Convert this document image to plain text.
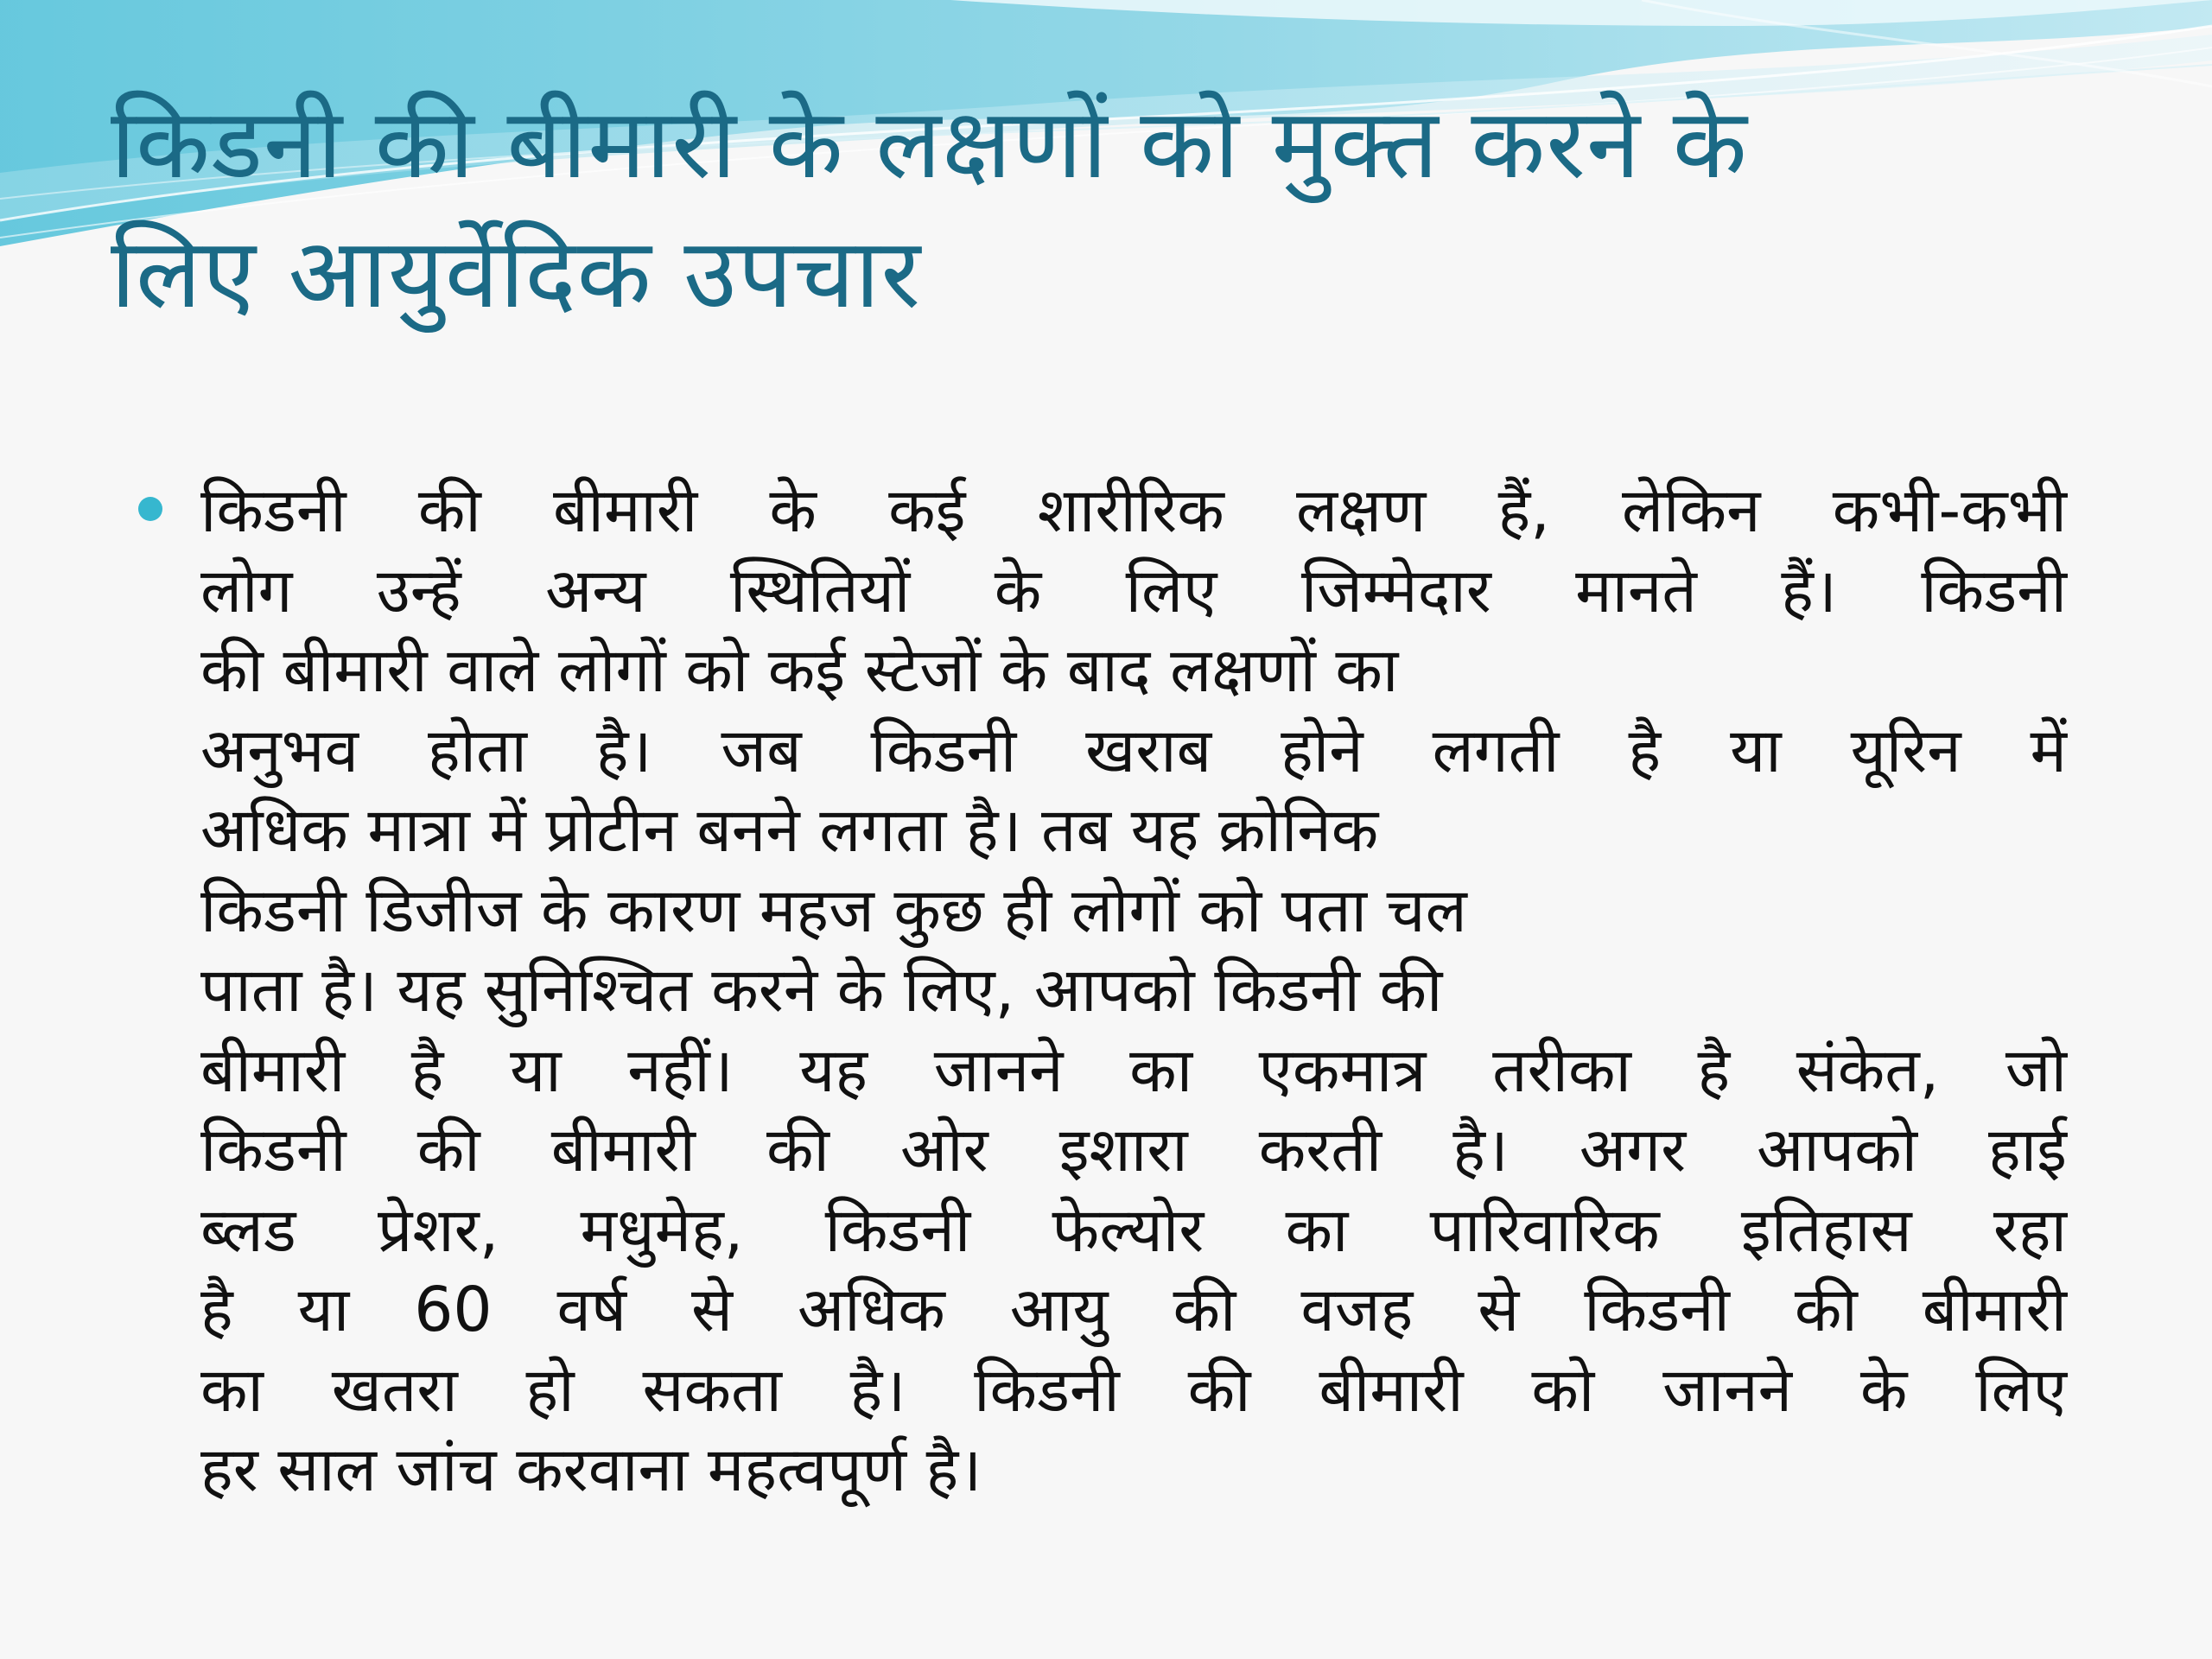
किडनी की बीमारी के लक्षणों को मुक्त करने के
लिए आयुर्वेदिक उपचार

किडनी की बीमारी के कई शारीरिक लक्षण हैं, लेकिन कभी-कभी
लोग उन्हें अन्य स्थितियों के लिए जिम्मेदार मानते हैं। किडनी
की बीमारी वाले लोगों को कई स्टेजों के बाद लक्षणों का
अनुभव होता है। जब किडनी खराब होने लगती है या यूरिन में
अधिक मात्रा में प्रोटीन बनने लगता है। तब यह क्रोनिक
किडनी डिजीज के कारण महज कुछ ही लोगों को पता चल
पाता है। यह सुनिश्चित करने के लिए, आपको किडनी की
बीमारी है या नहीं। यह जानने का एकमात्र तरीका है संकेत, जो
किडनी की बीमारी की ओर इशारा करती है। अगर आपको हाई
ब्लड प्रेशर, मधुमेह, किडनी फेल्योर का पारिवारिक इतिहास रहा
है या 60 वर्ष से अधिक आयु की वजह से किडनी की बीमारी
का खतरा हो सकता है। किडनी की बीमारी को जानने के लिए
हर साल जांच करवाना महत्वपूर्ण है।
